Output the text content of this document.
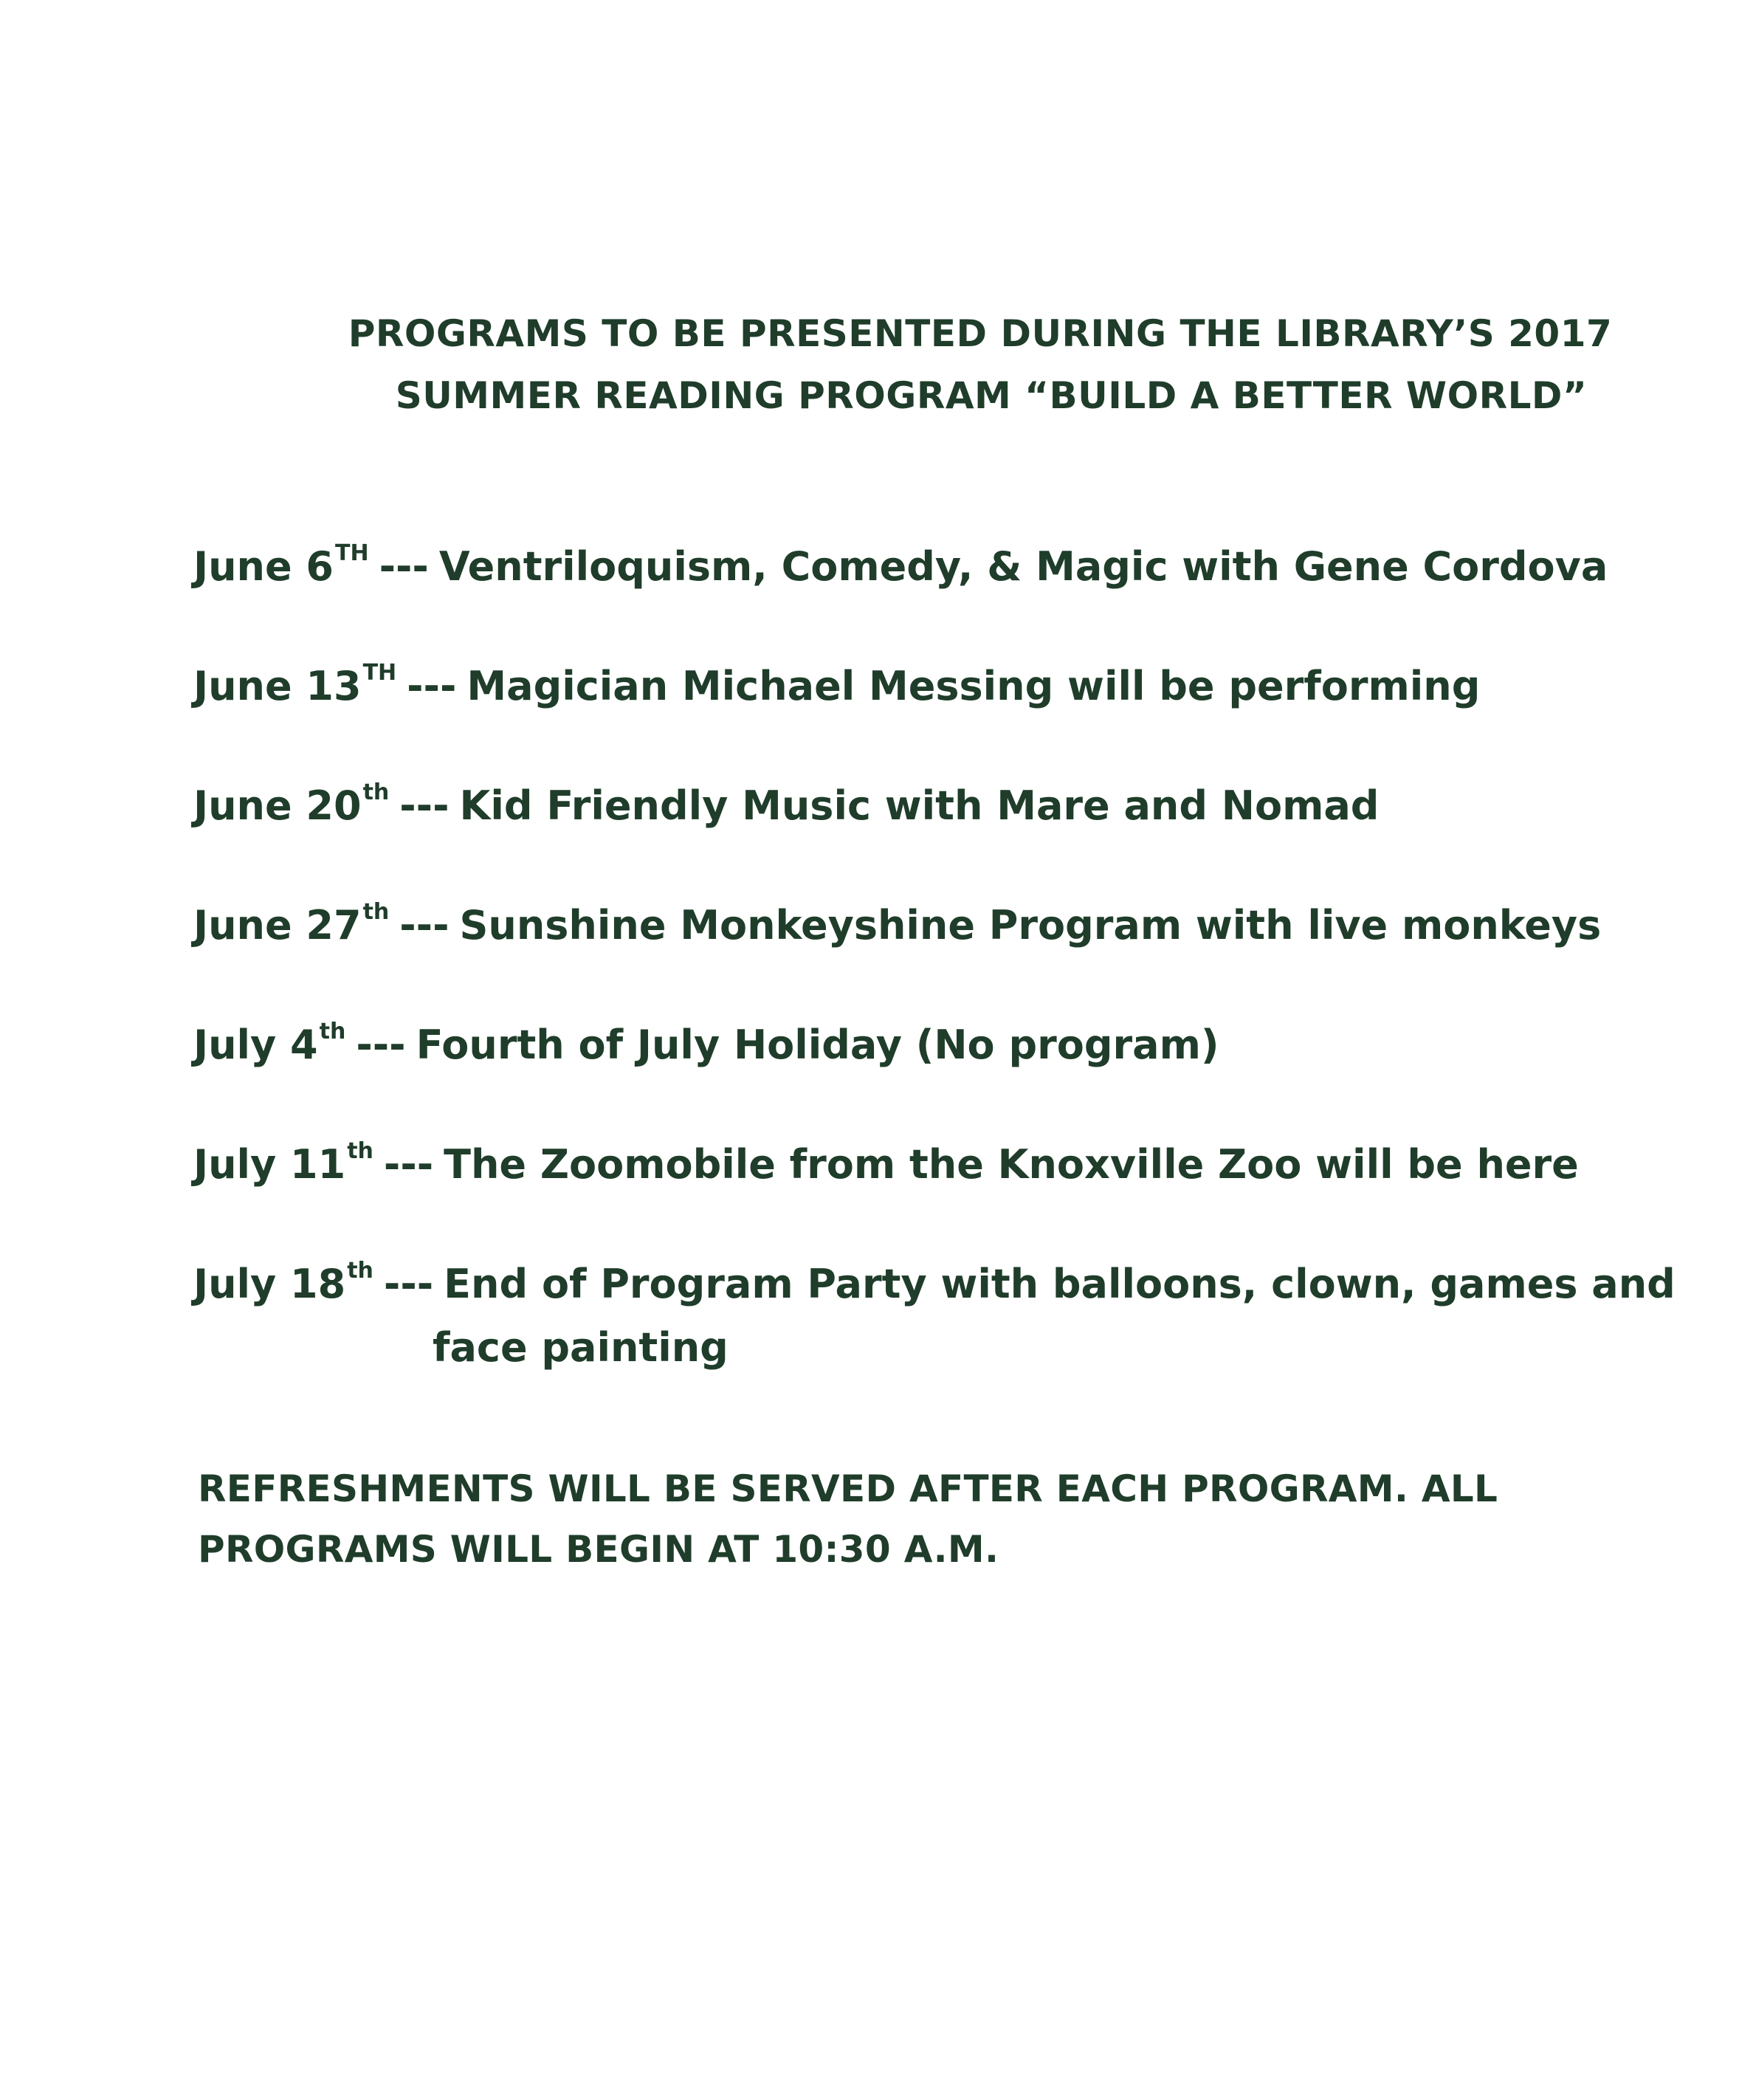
PROGRAMS TO BE PRESENTED DURING THE LIBRARY’S 2017
SUMMER READING PROGRAM “BUILD A BETTER WORLD”
June 6TH --- Ventriloquism, Comedy, & Magic with Gene Cordova
June 13TH --- Magician Michael Messing will be performing
June 20th --- Kid Friendly Music with Mare and Nomad
June 27th --- Sunshine Monkeyshine Program with live monkeys
July 4th --- Fourth of July Holiday (No program)
July 11th --- The Zoomobile from the Knoxville Zoo will be here
July 18th --- End of Program Party with balloons, clown, games and
face painting
REFRESHMENTS WILL BE SERVED AFTER EACH PROGRAM. ALL
PROGRAMS WILL BEGIN AT 10:30 A.M.
